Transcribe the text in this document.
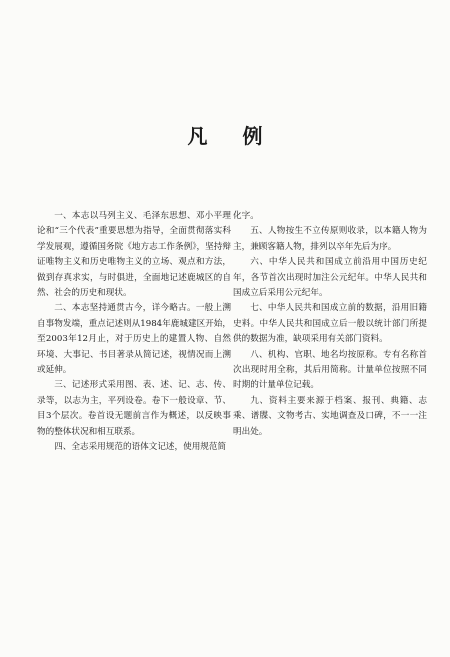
凡 例

一、本志以马列主义、毛泽东思想、邓小平理论和“三个代表”重要思想为指导，全面贯彻落实科学发展观，遵循国务院《地方志工作条例》，坚持辩证唯物主义和历史唯物主义的立场、观点和方法，做到存真求实，与时俱进，全面地记述鹿城区的自然、社会的历史和现状。

二、本志坚持通贯古今，详今略古。一般上溯自事物发端，重点记述则从1984年鹿城建区开始，至2003年12月止，对于历史上的建置人物、自然环境、大事记、书目著录从简记述，视情况而上溯或延伸。

三、记述形式采用图、表、述、记、志、传、录等，以志为主，平列设卷。卷下一般设章、节、目3个层次。卷首设无题前言作为概述，以反映事物的整体状况和相互联系。

四、全志采用规范的语体文记述，使用规范简

化字。

五、人物按生不立传原则收录，以本籍人物为主，兼顾客籍人物，排列以卒年先后为序。

六、中华人民共和国成立前沿用中国历史纪年，各节首次出现时加注公元纪年。中华人民共和国成立后采用公元纪年。

七、中华人民共和国成立前的数据，沿用旧籍史料。中华人民共和国成立后一般以统计部门所提供的数据为准，缺项采用有关部门资料。

八、机构、官职、地名均按原称。专有名称首次出现时用全称，其后用简称。计量单位按照不同时期的计量单位记载。

九、资料主要来源于档案、报刊、典籍、志乘、谱牒、文物考古、实地调查及口碑，不一一注明出处。
